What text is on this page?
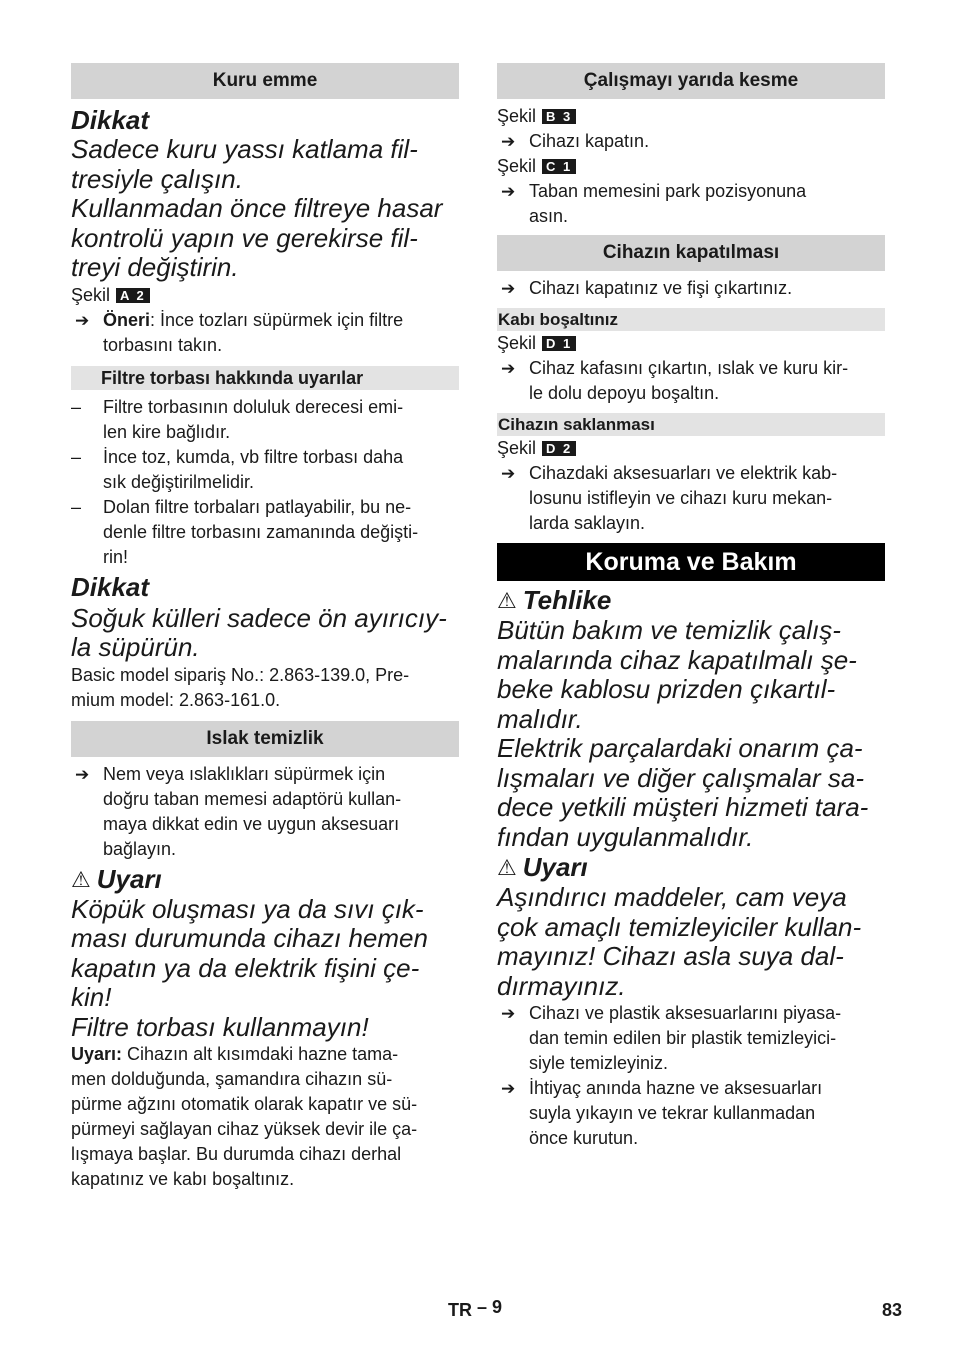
Kuru emme

Dikkat

Sadece kuru yassı katlama fil-

tresiyle çalışın.

Kullanmadan önce filtreye hasar

kontrolü yapın ve gerekirse fil-

treyi değiştirin.

Şekil A 2

➔ Öneri: İnce tozları süpürmek için filtre
torbasını takın.
Filtre torbası hakkında uyarılar
– Filtre torbasının doluluk derecesi emi-
len kire bağlıdır.
– İnce toz, kumda, vb filtre torbası daha
sık değiştirilmelidir.
– Dolan filtre torbaları patlayabilir, bu ne-
denle filtre torbasını zamanında değişti-
rin!

Dikkat

Soğuk külleri sadece ön ayırıcıy-

la süpürün.

Basic model sipariş No.: 2.863-139.0, Pre-
mium model: 2.863-161.0.

Islak temizlik
➔ Nem veya ıslaklıkları süpürmek için
doğru taban memesi adaptörü kullan-
maya dikkat edin ve uygun aksesuarı
bağlayın.

⚠ Uyarı

Köpük oluşması ya da sıvı çık-

ması durumunda cihazı hemen

kapatın ya da elektrik fişini çe-

kin!

Filtre torbası kullanmayın!

Uyarı: Cihazın alt kısımdaki hazne tama-
men dolduğunda, şamandıra cihazın sü-
pürme ağzını otomatik olarak kapatır ve sü-
pürmeyi sağlayan cihaz yüksek devir ile ça-
lışmaya başlar. Bu durumda cihazı derhal
kapatınız ve kabı boşaltınız.

Çalışmayı yarıda kesme

Şekil B 3

➔ Cihazı kapatın.

Şekil C 1

➔ Taban memesini park pozisyonuna
asın.
Cihazın kapatılması
➔ Cihazı kapatınız ve fişi çıkartınız.
Kabı boşaltınız

Şekil D 1

➔ Cihaz kafasını çıkartın, ıslak ve kuru kir-
le dolu depoyu boşaltın.
Cihazın saklanması

Şekil D 2

➔ Cihazdaki aksesuarları ve elektrik kab-
losunu istifleyin ve cihazı kuru mekan-
larda saklayın.
Koruma ve Bakım

⚠ Tehlike

Bütün bakım ve temizlik çalış-

malarında cihaz kapatılmalı şe-

beke kablosu prizden çıkartıl-

malıdır.

Elektrik parçalardaki onarım ça-

lışmaları ve diğer çalışmalar sa-

dece yetkili müşteri hizmeti tara-

fından uygulanmalıdır.

⚠ Uyarı

Aşındırıcı maddeler, cam veya

çok amaçlı temizleyiciler kullan-

mayınız! Cihazı asla suya dal-

dırmayınız.

➔ Cihazı ve plastik aksesuarlarını piyasa-
dan temin edilen bir plastik temizleyici-
siyle temizleyiniz.
➔ İhtiyaç anında hazne ve aksesuarları
suyla yıkayın ve tekrar kullanmadan
önce kurutun.
TR – 9	83
